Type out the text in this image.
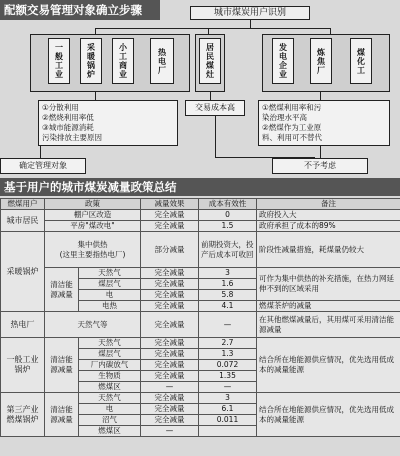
配额交易管理对象确立步骤	城市煤炭用户识别
一般工业	采暖锅炉	小工商业	热电厂	居民煤灶	发电企业	炼焦厂	煤化工
①分散利用
②燃烧利用率低
③城市能源消耗
污染排放主要原因
交易成本高	①燃煤利用率和污
染治理水平高
②燃煤作为工业原
料、利用可不替代
确定管理对象	不予考虑
基于用户的城市煤炭减量政策总结
燃煤用户	政策		减量效果	成本有效性	备注
城市居民	棚户区改造		完全减量	0	政府投入大
	平房"煤改电"		完全减量	1.5	政府承担了成本的89%
采暖锅炉	集中供热
(这里主要指热电厂)		部分减量	前期投资大，投产后成本可收回	阶段性减量措施，耗煤量仍较大
	清洁能源减量	天然气	完全减量	3	可作为集中供热的补充措施，在热力网延伸不到的区域采用
		煤层气	完全减量	1.6	
		电	完全减量	5.8	
		电热	完全减量	4.1	燃煤茶炉的减量
热电厂	天然气等		完全减量	—	在其他燃煤减量后，其用煤可采用清洁能源减量
一般工业锅炉	清洁能源减量	天然气	完全减量	2.7	结合所在地能源供应情况，优先选用低成本的减量能源
		煤层气	完全减量	1.3	
		厂内碳放气	完全减量	0.072	
		生物质	完全减量	1.35	
		燃煤区	—	—	
第三产业燃煤锅炉	清洁能源减量	天然气	完全减量	3	结合所在地能源供应情况，优先选用低成本的减量能源
		电	完全减量	6.1	
		沼气	完全减量	0.011	
		燃煤区	—		
